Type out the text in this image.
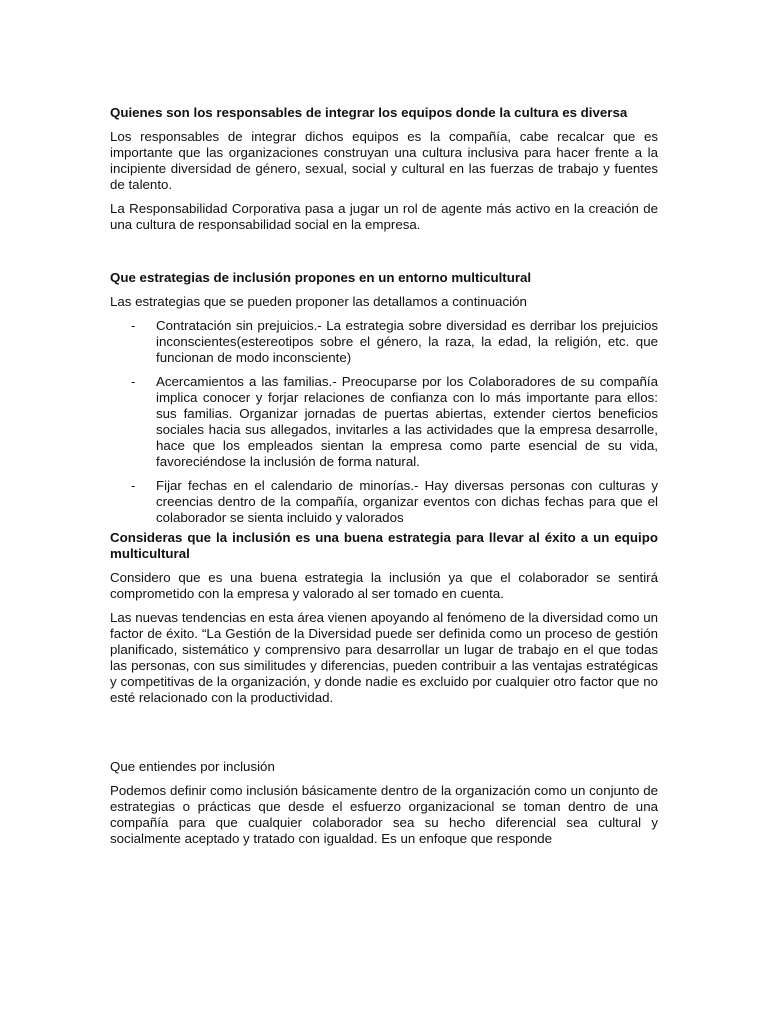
Quienes son los responsables de integrar los equipos donde la cultura es diversa
Los responsables de integrar dichos equipos es la compañía, cabe recalcar que es importante que las organizaciones construyan una cultura inclusiva para hacer frente a la incipiente diversidad de género, sexual, social y cultural en las fuerzas de trabajo y fuentes de talento.
La Responsabilidad Corporativa pasa a jugar un rol de agente más activo en la creación de una cultura de responsabilidad social en la empresa.
Que estrategias de inclusión propones en un entorno multicultural
Las estrategias que se pueden proponer las detallamos a continuación
- Contratación sin prejuicios.- La estrategia sobre diversidad es derribar los prejuicios inconscientes(estereotipos sobre el género, la raza, la edad, la religión, etc. que funcionan de modo inconsciente)
- Acercamientos a las familias.- Preocuparse por los Colaboradores de su compañía implica conocer y forjar relaciones de confianza con lo más importante para ellos: sus familias. Organizar jornadas de puertas abiertas, extender ciertos beneficios sociales hacia sus allegados, invitarles a las actividades que la empresa desarrolle, hace que los empleados sientan la empresa como parte esencial de su vida, favoreciéndose la inclusión de forma natural.
- Fijar fechas en el calendario de minorías.- Hay diversas personas con culturas y creencias dentro de la compañía, organizar eventos con dichas fechas para que el colaborador se sienta incluido y valorados
Consideras que la inclusión es una buena estrategia para llevar al éxito a un equipo multicultural
Considero que es una buena estrategia la inclusión ya que el colaborador se sentirá comprometido con la empresa y valorado al ser tomado en cuenta.
Las nuevas tendencias en esta área vienen apoyando al fenómeno de la diversidad como un factor de éxito. “La Gestión de la Diversidad puede ser definida como un proceso de gestión planificado, sistemático y comprensivo para desarrollar un lugar de trabajo en el que todas las personas, con sus similitudes y diferencias, pueden contribuir a las ventajas estratégicas y competitivas de la organización, y donde nadie es excluido por cualquier otro factor que no esté relacionado con la productividad.
Que entiendes por inclusión
Podemos definir como inclusión básicamente dentro de la organización como un conjunto de estrategias o prácticas que desde el esfuerzo organizacional se toman dentro de una compañía para que cualquier colaborador sea su hecho diferencial sea cultural y socialmente aceptado y tratado con igualdad. Es un enfoque que responde
